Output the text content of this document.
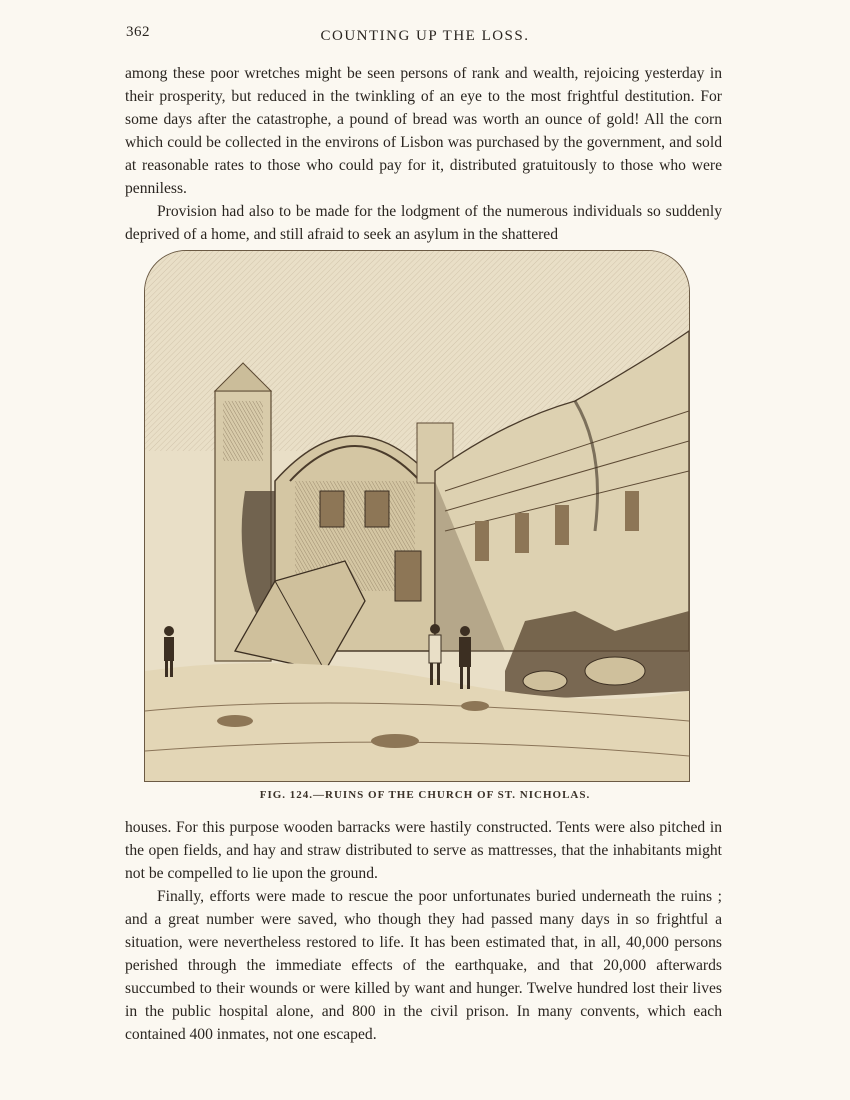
362	COUNTING UP THE LOSS.

among these poor wretches might be seen persons of rank and wealth, rejoicing yesterday in their prosperity, but reduced in the twinkling of an eye to the most frightful destitution. For some days after the catastrophe, a pound of bread was worth an ounce of gold! All the corn which could be collected in the environs of Lisbon was purchased by the government, and sold at reasonable rates to those who could pay for it, distributed gratuitously to those who were penniless.

Provision had also to be made for the lodgment of the numerous individuals so suddenly deprived of a home, and still afraid to seek an asylum in the shattered

FIG. 124.—RUINS OF THE CHURCH OF ST. NICHOLAS.

houses. For this purpose wooden barracks were hastily constructed. Tents were also pitched in the open fields, and hay and straw distributed to serve as mattresses, that the inhabitants might not be compelled to lie upon the ground.

Finally, efforts were made to rescue the poor unfortunates buried underneath the ruins ; and a great number were saved, who though they had passed many days in so frightful a situation, were nevertheless restored to life. It has been estimated that, in all, 40,000 persons perished through the immediate effects of the earthquake, and that 20,000 afterwards succumbed to their wounds or were killed by want and hunger. Twelve hundred lost their lives in the public hospital alone, and 800 in the civil prison. In many convents, which each contained 400 inmates, not one escaped.
